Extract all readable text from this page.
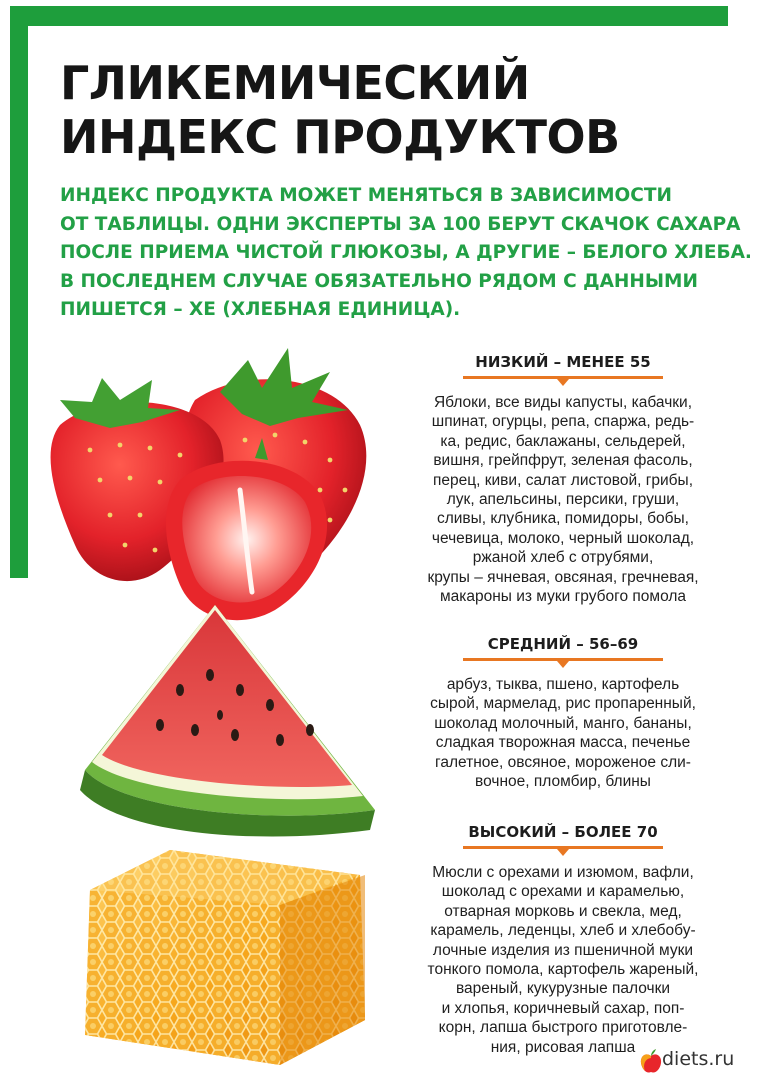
ГЛИКЕМИЧЕСКИЙ
ИНДЕКС ПРОДУКТОВ

ИНДЕКС ПРОДУКТА МОЖЕТ МЕНЯТЬСЯ В ЗАВИСИМОСТИ
ОТ ТАБЛИЦЫ. ОДНИ ЭКСПЕРТЫ ЗА 100 БЕРУТ СКАЧОК САХАРА
ПОСЛЕ ПРИЕМА ЧИСТОЙ ГЛЮКОЗЫ, А ДРУГИЕ – БЕЛОГО ХЛЕБА.
В ПОСЛЕДНЕМ СЛУЧАЕ ОБЯЗАТЕЛЬНО РЯДОМ С ДАННЫМИ
ПИШЕТСЯ – ХЕ (ХЛЕБНАЯ ЕДИНИЦА).

НИЗКИЙ – МЕНЕЕ 55

Яблоки, все виды капусты, кабачки,
шпинат, огурцы, репа, спаржа, редь-
ка, редис, баклажаны, сельдерей,
вишня, грейпфрут, зеленая фасоль,
перец, киви, салат листовой, грибы,
лук, апельсины, персики, груши,
сливы, клубника, помидоры, бобы,
чечевица, молоко, черный шоколад,
ржаной хлеб с отрубями,
крупы – ячневая, овсяная, гречневая,
макароны из муки грубого помола

СРЕДНИЙ – 56–69

арбуз, тыква, пшено, картофель
сырой, мармелад, рис пропаренный,
шоколад молочный, манго, бананы,
сладкая творожная масса, печенье
галетное, овсяное, мороженое сли-
вочное, пломбир, блины

ВЫСОКИЙ – БОЛЕЕ 70

Мюсли с орехами и изюмом, вафли,
шоколад с орехами и карамелью,
отварная морковь и свекла, мед,
карамель, леденцы, хлеб и хлебобу-
лочные изделия из пшеничной муки
тонкого помола, картофель жареный,
вареный, кукурузные палочки
и хлопья, коричневый сахар, поп-
корн, лапша быстрого приготовле-
ния, рисовая лапша

diets.ru
